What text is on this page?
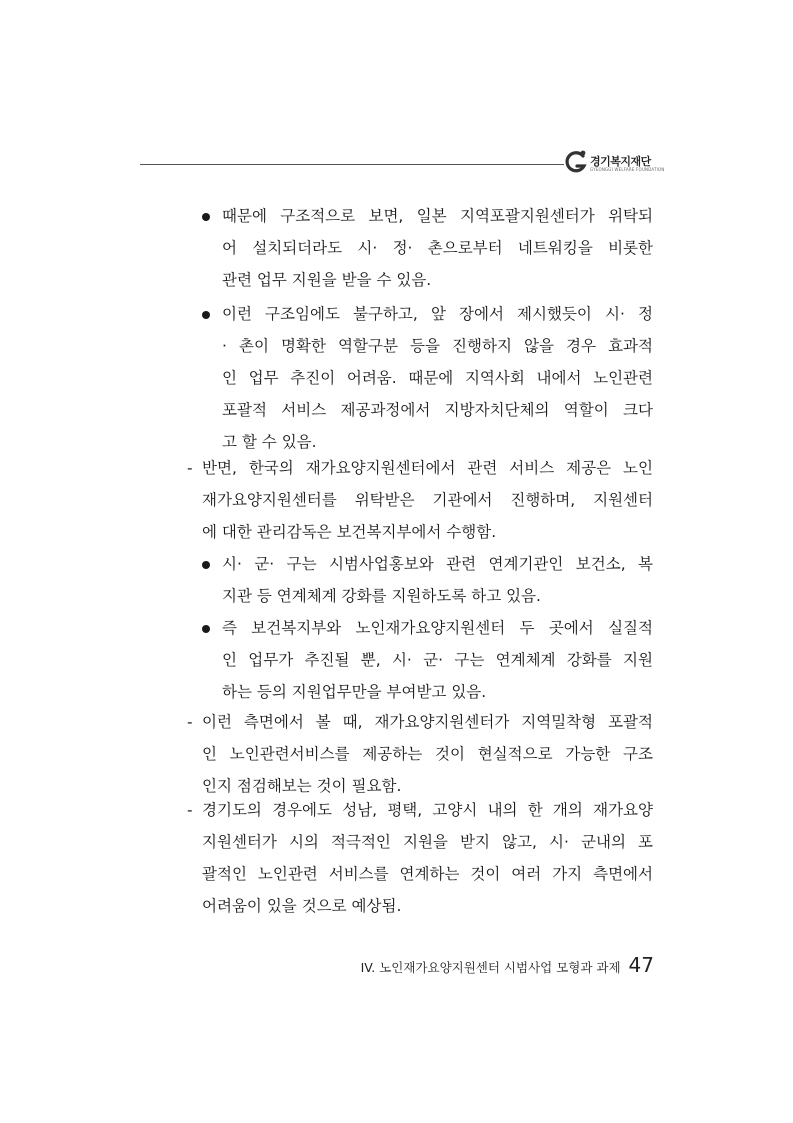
경기복지재단
GYEONGGI WELFARE FOUNDATION
때문에 구조적으로 보면, 일본 지역포괄지원센터가 위탁되
어 설치되더라도 시· 정· 촌으로부터 네트워킹을 비롯한
관련 업무 지원을 받을 수 있음.
이런 구조임에도 불구하고, 앞 장에서 제시했듯이 시· 정
· 촌이 명확한 역할구분 등을 진행하지 않을 경우 효과적
인 업무 추진이 어려움. 때문에 지역사회 내에서 노인관련
포괄적 서비스 제공과정에서 지방자치단체의 역할이 크다
고 할 수 있음.
- 반면, 한국의 재가요양지원센터에서 관련 서비스 제공은 노인
재가요양지원센터를 위탁받은 기관에서 진행하며, 지원센터
에 대한 관리감독은 보건복지부에서 수행함.
시· 군· 구는 시범사업홍보와 관련 연계기관인 보건소, 복
지관 등 연계체계 강화를 지원하도록 하고 있음.
즉 보건복지부와 노인재가요양지원센터 두 곳에서 실질적
인 업무가 추진될 뿐, 시· 군· 구는 연계체계 강화를 지원
하는 등의 지원업무만을 부여받고 있음.
- 이런 측면에서 볼 때, 재가요양지원센터가 지역밀착형 포괄적
인 노인관련서비스를 제공하는 것이 현실적으로 가능한 구조
인지 점검해보는 것이 필요함.
- 경기도의 경우에도 성남, 평택, 고양시 내의 한 개의 재가요양
지원센터가 시의 적극적인 지원을 받지 않고, 시· 군내의 포
괄적인 노인관련 서비스를 연계하는 것이 여러 가지 측면에서
어려움이 있을 것으로 예상됨.
IV. 노인재가요양지원센터 시범사업 모형과 과제 47
